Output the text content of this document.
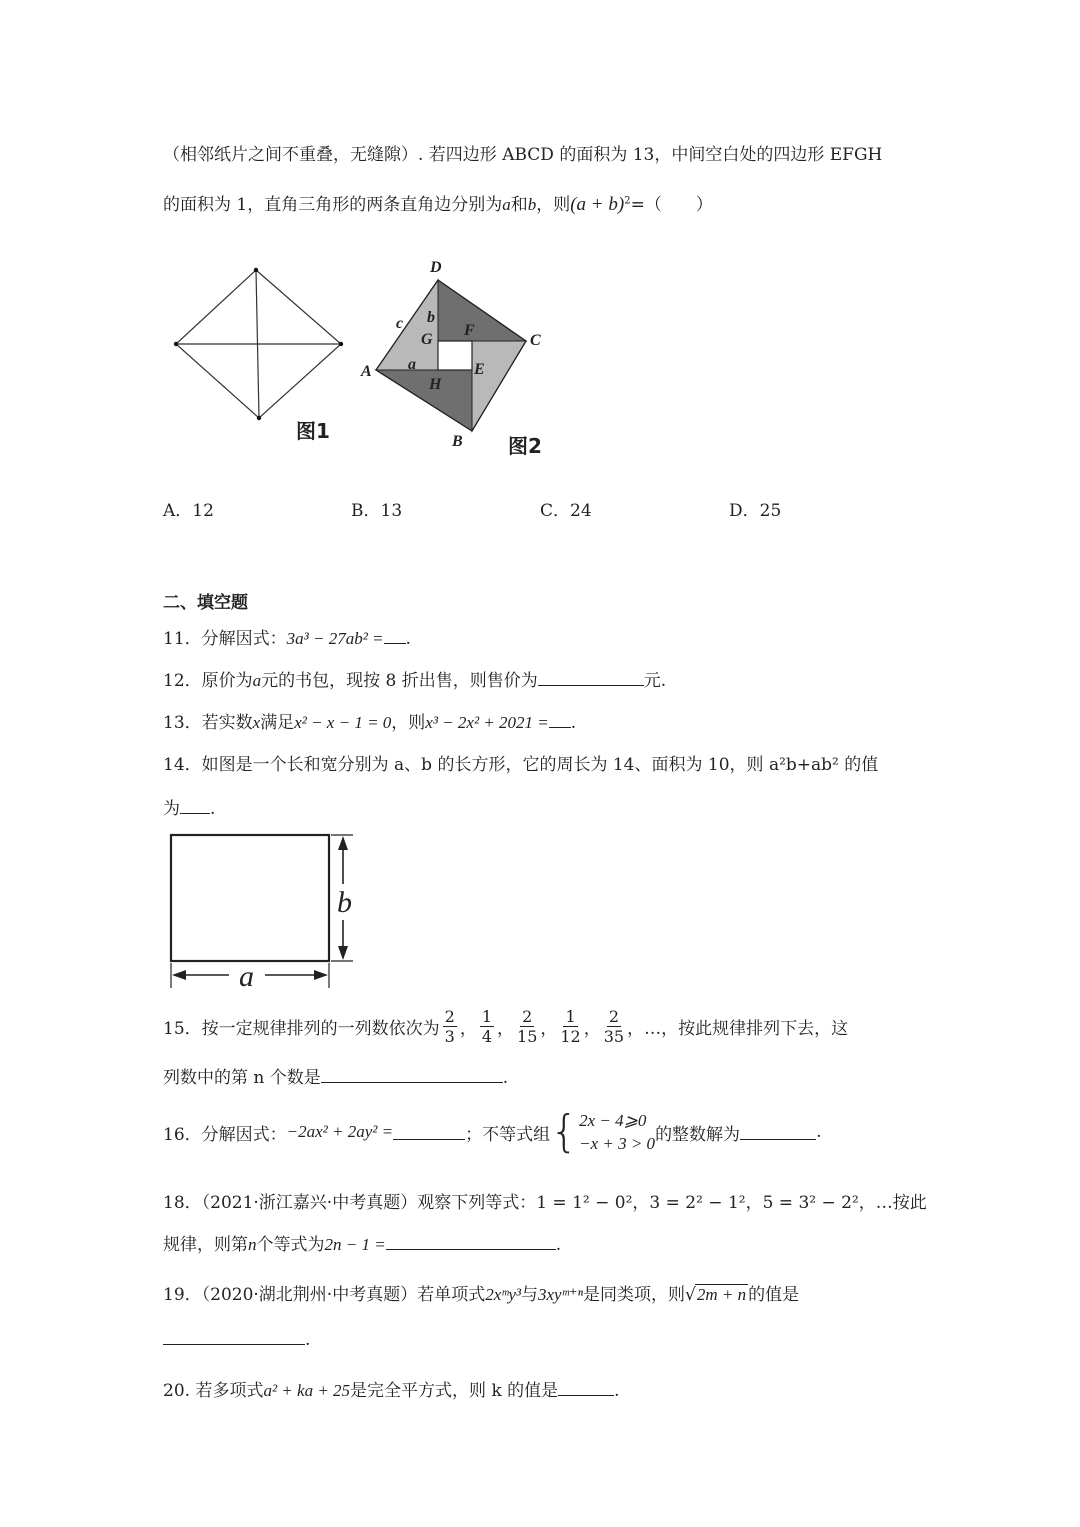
（相邻纸片之间不重叠，无缝隙）. 若四边形 ABCD 的面积为 13，中间空白处的四边形 EFGH
的面积为 1，直角三角形的两条直角边分别为a和b，则$(a + b)^2=$（　　）
图1
D
C
B
A
F
G
E
H
c b
a
图2
A．12	B．13	C．24	D．25
二、填空题
11．分解因式：3a³ − 27ab² = .
12．原价为a元的书包，现按 8 折出售，则售价为	元.
13．若实数x满足x² − x − 1 = 0，则x³ − 2x² + 2021 = .
14．如图是一个长和宽分别为 a、b 的长方形，它的周长为 14、面积为 10，则 a²b+ab² 的值
为 .
b
a
15． 按一定规律排列的一列数依次为 $\frac{2}{3}$ ， $\frac{1}{4}$ ， $\frac{2}{15}$ ， $\frac{1}{12}$ ， $\frac{2}{35}$ ，…，按此规律排列下去，这
列数中的第 n 个数是	.
16． 分解因式： −2ax² + 2ay² =	；不等式组 { 2x − 4⩾0
−x + 3 > 0 的整数解为	.
18．（2021·浙江嘉兴·中考真题）观察下列等式：1 = 1² − 0²，3 = 2² − 1²，5 = 3² − 2²，…按此
规律，则第n个等式为2n − 1 =	.
19．（2020·湖北荆州·中考真题）若单项式2xᵐy³与3xyᵐ⁺ⁿ是同类项，则√2m + n 的值是
.
20. 若多项式a² + ka + 25是完全平方式，则 k 的值是	.
